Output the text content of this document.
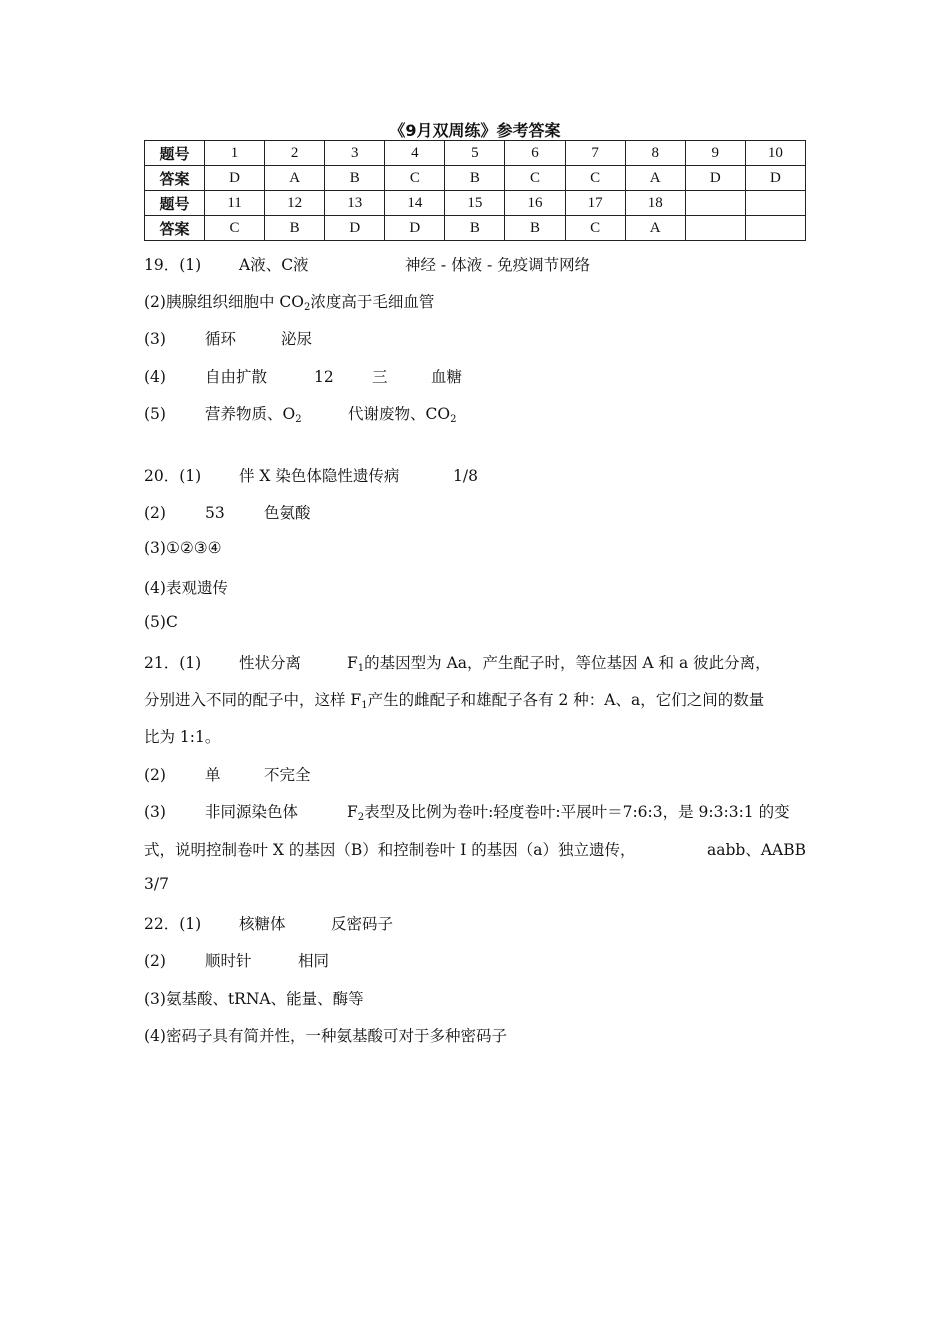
《9月双周练》参考答案
题号	1	2	3	4	5	6	7	8	9	10
答案	D	A	B	C	B	C	C	A	D	D
题号	11	12	13	14	15	16	17	18		
答案	C	B	D	D	B	B	C	A		
19．(1) A液、C液	神经 - 体液 - 免疫调节网络
(2)胰腺组织细胞中 $CO_2$浓度高于毛细血管
(3)	循环	泌尿
(4)	自由扩散	12 三	血糖
(5)	营养物质、$O_2$	代谢废物、$CO_2$
20．(1) 伴 X 染色体隐性遗传病	1/8
(2)	53	色氨酸
(3)①②③④
(4)表观遗传
(5)C
21．(1) 性状分离	$F_1$的基因型为 Aa，产生配子时，等位基因 A 和 a 彼此分离，
分别进入不同的配子中，这样 $F_1$产生的雌配子和雄配子各有 2 种：A、a，它们之间的数量
比为 1:1。
(2)	单	不完全
(3)	非同源染色体	$F_2$表型及比例为卷叶:轻度卷叶:平展叶＝7:6:3，是 9:3:3:1 的变
式，说明控制卷叶 X 的基因（B）和控制卷叶 I 的基因（a）独立遗传，	aabb、AABB
3/7
22．(1) 核糖体	反密码子
(2)	顺时针	相同
(3)氨基酸、tRNA、能量、酶等
(4)密码子具有简并性，一种氨基酸可对于多种密码子
